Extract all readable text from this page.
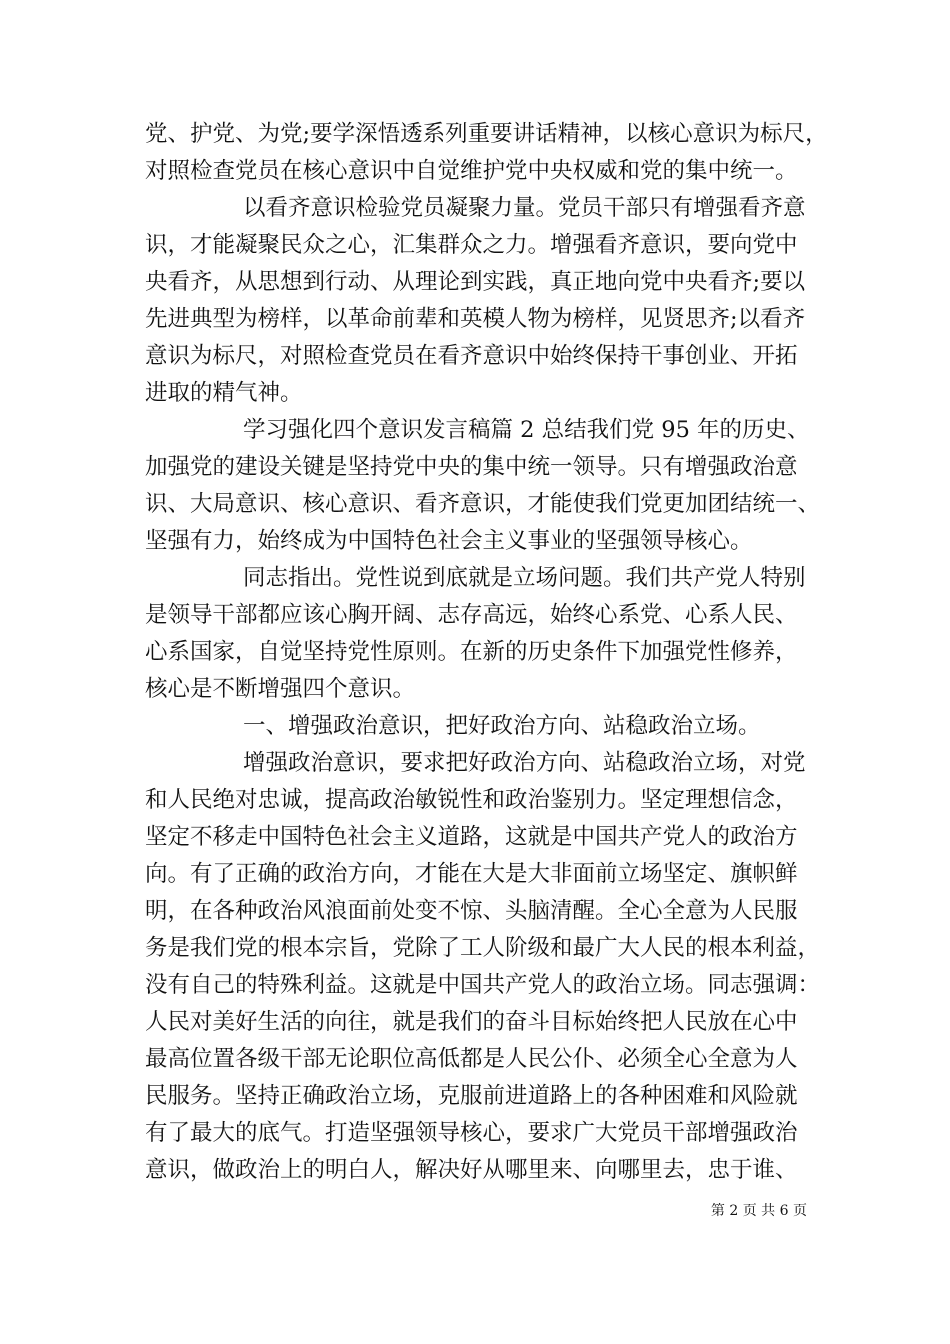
党、护党、为党;要学深悟透系列重要讲话精神，以核心意识为标尺，
对照检查党员在核心意识中自觉维护党中央权威和党的集中统一。
以看齐意识检验党员凝聚力量。党员干部只有增强看齐意
识，才能凝聚民众之心，汇集群众之力。增强看齐意识，要向党中
央看齐，从思想到行动、从理论到实践，真正地向党中央看齐;要以
先进典型为榜样，以革命前辈和英模人物为榜样，见贤思齐;以看齐
意识为标尺，对照检查党员在看齐意识中始终保持干事创业、开拓
进取的精气神。
学习强化四个意识发言稿篇 2 总结我们党 95 年的历史、
加强党的建设关键是坚持党中央的集中统一领导。只有增强政治意
识、大局意识、核心意识、看齐意识，才能使我们党更加团结统一、
坚强有力，始终成为中国特色社会主义事业的坚强领导核心。
同志指出。党性说到底就是立场问题。我们共产党人特别
是领导干部都应该心胸开阔、志存高远，始终心系党、心系人民、
心系国家，自觉坚持党性原则。在新的历史条件下加强党性修养，
核心是不断增强四个意识。
一、增强政治意识，把好政治方向、站稳政治立场。
增强政治意识，要求把好政治方向、站稳政治立场，对党
和人民绝对忠诚，提高政治敏锐性和政治鉴别力。坚定理想信念，
坚定不移走中国特色社会主义道路，这就是中国共产党人的政治方
向。有了正确的政治方向，才能在大是大非面前立场坚定、旗帜鲜
明，在各种政治风浪面前处变不惊、头脑清醒。全心全意为人民服
务是我们党的根本宗旨，党除了工人阶级和最广大人民的根本利益，
没有自己的特殊利益。这就是中国共产党人的政治立场。同志强调：
人民对美好生活的向往，就是我们的奋斗目标始终把人民放在心中
最高位置各级干部无论职位高低都是人民公仆、必须全心全意为人
民服务。坚持正确政治立场，克服前进道路上的各种困难和风险就
有了最大的底气。打造坚强领导核心，要求广大党员干部增强政治
意识，做政治上的明白人，解决好从哪里来、向哪里去，忠于谁、
第 2 页 共 6 页
